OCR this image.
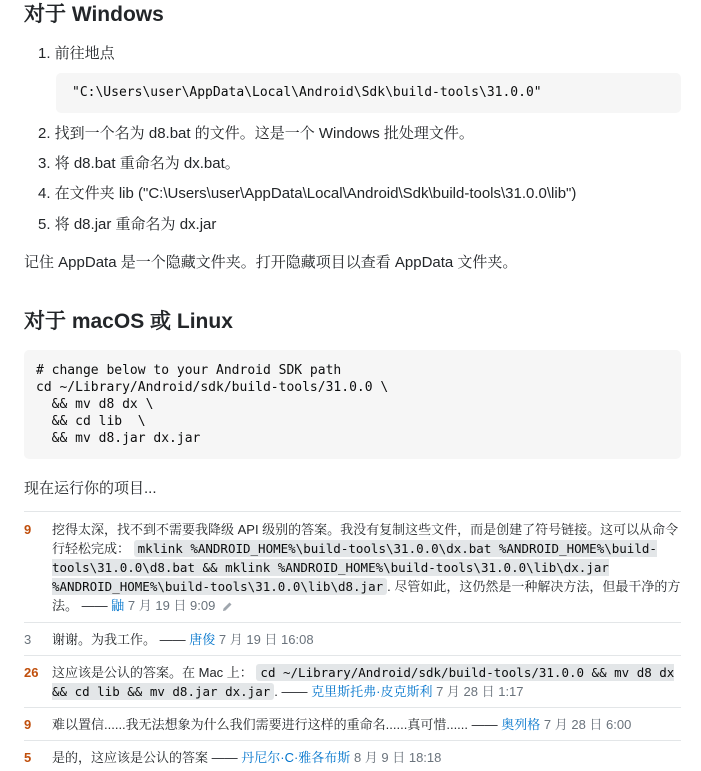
对于 Windows
1. 前往地点
"C:\Users\user\AppData\Local\Android\Sdk\build-tools\31.0.0"
2. 找到一个名为 d8.bat 的文件。这是一个 Windows 批处理文件。
3. 将 d8.bat 重命名为 dx.bat。
4. 在文件夹 lib ("C:\Users\user\AppData\Local\Android\Sdk\build-tools\31.0.0\lib")
5. 将 d8.jar 重命名为 dx.jar
记住 AppData 是一个隐藏文件夹。打开隐藏项目以查看 AppData 文件夹。
对于 macOS 或 Linux
# change below to your Android SDK path
cd ~/Library/Android/sdk/build-tools/31.0.0 \
&& mv d8 dx \
&& cd lib  \
&& mv d8.jar dx.jar
现在运行你的项目...
9	挖得太深，找不到不需要我降级 API 级别的答案。我没有复制这些文件，而是创建了符号链接。这可以从命令行轻松完成： mklink %ANDROID_HOME%\build-tools\31.0.0\dx.bat %ANDROID_HOME%\build-tools\31.0.0\d8.bat && mklink %ANDROID_HOME%\build-tools\31.0.0\lib\dx.jar %ANDROID_HOME%\build-tools\31.0.0\lib\d8.jar . 尽管如此，这仍然是一种解决方法，但最干净的方法。 —— 鼬 7 月 19 日 9:09
3	谢谢。为我工作。 —— 唐俊 7 月 19 日 16:08
26	这应该是公认的答案。在 Mac 上： cd ~/Library/Android/sdk/build-tools/31.0.0 && mv d8 dx && cd lib && mv d8.jar dx.jar . —— 克里斯托弗·皮克斯利 7 月 28 日 1:17
9	难以置信......我无法想象为什么我们需要进行这样的重命名......真可惜...... —— 奥列格 7 月 28 日 6:00
5	是的，这应该是公认的答案 —— 丹尼尔·C·雅各布斯 8 月 9 日 18:18
